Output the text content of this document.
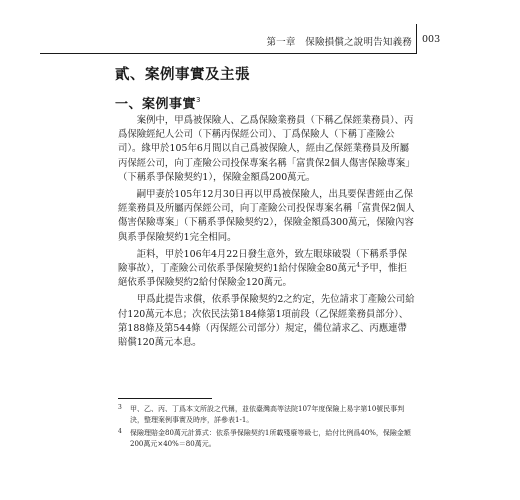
第一章　保險損償之說明告知義務 003
貳、案例事實及主張
一、案例事實$^3$

案例中，甲爲被保險人、乙爲保險業務員（下稱乙保經業務員）、丙爲保險經紀人公司（下稱丙保經公司）、丁爲保險人（下稱丁產險公司）。緣甲於105年6月間以自己爲被保險人，經由乙保經業務員及所屬丙保經公司，向丁產險公司投保專案名稱「富貴保2個人傷害保險專案」（下稱系爭保險契約1），保險金額爲200萬元。

嗣甲妻於105年12月30日再以甲爲被保險人，出具要保書經由乙保經業務員及所屬丙保經公司，向丁產險公司投保專案名稱「富貴保2個人傷害保險專案」（下稱系爭保險契約2），保險金額爲300萬元，保險內容與系爭保險契約1完全相同。

詎料，甲於106年4月22日發生意外，致左眼球破裂（下稱系爭保險事故），丁產險公司依系爭保險契約1給付保險金80萬元$^4$予甲，惟拒絕依系爭保險契約2給付保險金120萬元。

甲爲此提告求償，依系爭保險契約2之約定，先位請求丁產險公司給付120萬元本息；次依民法第184條第1項前段（乙保經業務員部分）、第188條及第544條（丙保經公司部分）規定，備位請求乙、丙應連帶賠償120萬元本息。

3 甲、乙、丙、丁爲本文所設之代稱，並依臺灣高等法院107年度保險上易字第10號民事判決，整理案例事實及時序，詳參表1-1。
4 保險理賠金80萬元計算式：依系爭保險契約1所載殘廢等級七，給付比例爲40%，保險金額200萬元×40%＝80萬元。
